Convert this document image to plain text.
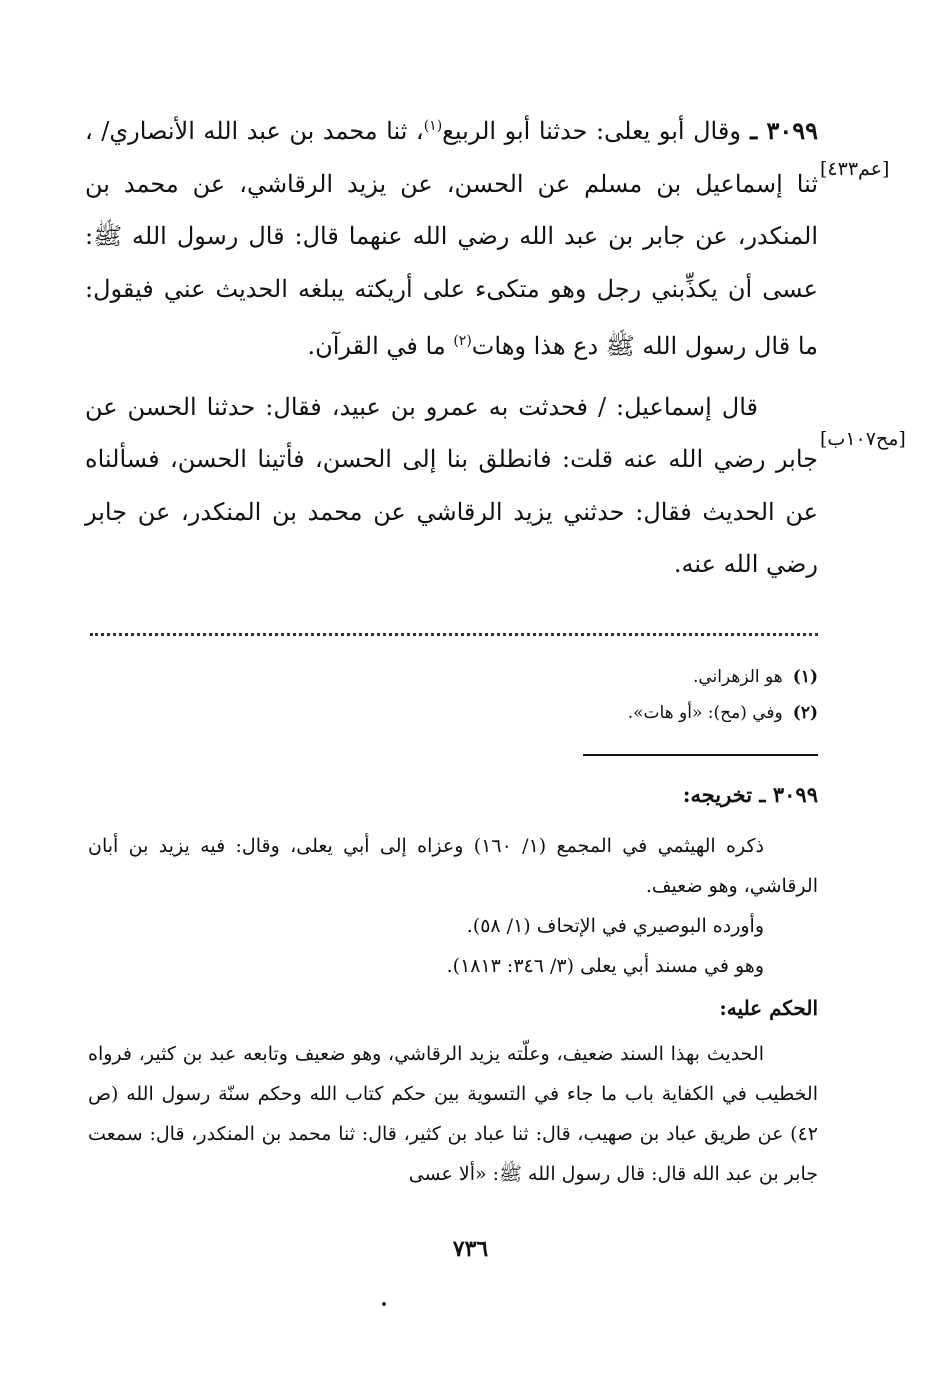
٣٠٩٩ ـ وقال أبو يعلى: حدثنا أبو الربيع$^{(١)}$، ثنا محمد بن عبد الله الأنصاري/ ، ثنا إسماعيل بن مسلم عن الحسن، عن يزيد الرقاشي، عن محمد بن المنكدر، عن جابر بن عبد الله رضي الله عنهما قال: قال رسول الله ﷺ: عسى أن يكذِّبني رجل وهو متكىء على أريكته يبلغه الحديث عني فيقول: ما قال رسول الله ﷺ دع هذا وهات$^{(٢)}$ ما في القرآن.

قال إسماعيل: / فحدثت به عمرو بن عبيد، فقال: حدثنا الحسن عن جابر رضي الله عنه قلت: فانطلق بنا إلى الحسن، فأتينا الحسن، فسألناه عن الحديث فقال: حدثني يزيد الرقاشي عن محمد بن المنكدر، عن جابر رضي الله عنه.

[عم٤٣٣]
[مح١٠٧ب]
(١)هو الزهراني.
(٢)وفي (مح): «أو هات».
٣٠٩٩ ـ تخريجه:

ذكره الهيثمي في المجمع (١/ ١٦٠) وعزاه إلى أبي يعلى، وقال: فيه يزيد بن أبان الرقاشي، وهو ضعيف.

وأورده البوصيري في الإتحاف (١/ ٥٨).

وهو في مسند أبي يعلى (٣/ ٣٤٦: ١٨١٣).

الحكم عليه:

الحديث بهذا السند ضعيف، وعلّته يزيد الرقاشي، وهو ضعيف وتابعه عبد بن كثير، فرواه الخطيب في الكفاية باب ما جاء في التسوية بين حكم كتاب الله وحكم سنّة رسول الله (ص ٤٢) عن طريق عباد بن صهيب، قال: ثنا عباد بن كثير، قال: ثنا محمد بن المنكدر، قال: سمعت جابر بن عبد الله قال: قال رسول الله ﷺ: «ألا عسى

٧٣٦
